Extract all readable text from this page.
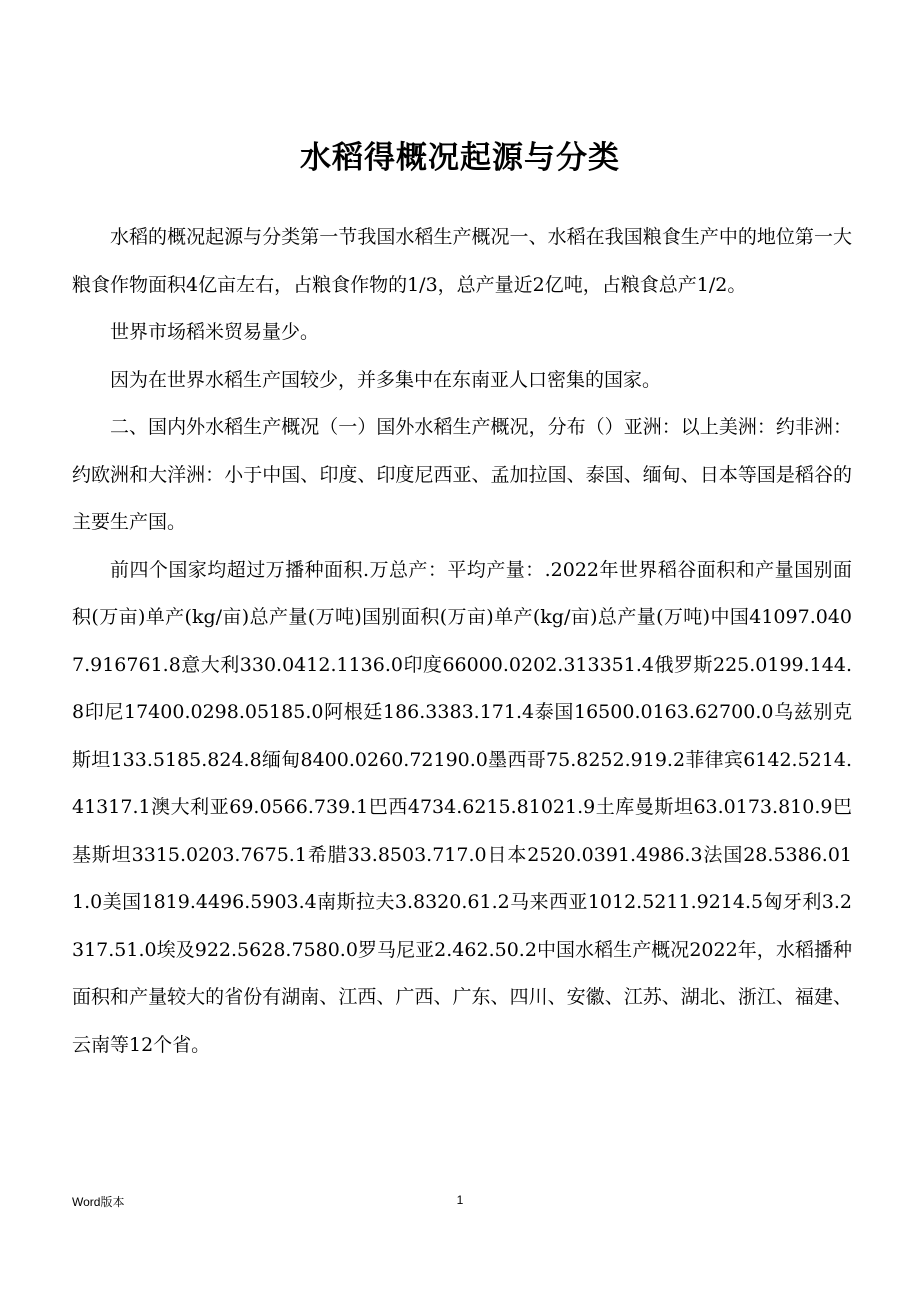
水稻得概况起源与分类

水稻的概况起源与分类第一节我国水稻生产概况一、水稻在我国粮食生产中的地位第一大粮食作物面积4亿亩左右，占粮食作物的1/3，总产量近2亿吨，占粮食总产1/2。

世界市场稻米贸易量少。

因为在世界水稻生产国较少，并多集中在东南亚人口密集的国家。

二、国内外水稻生产概况（一）国外水稻生产概况，分布（）亚洲：以上美洲：约非洲：约欧洲和大洋洲：小于中国、印度、印度尼西亚、孟加拉国、泰国、缅甸、日本等国是稻谷的主要生产国。

前四个国家均超过万播种面积.万总产：平均产量：.2022年世界稻谷面积和产量国别面积(万亩)单产(kg/亩)总产量(万吨)国别面积(万亩)单产(kg/亩)总产量(万吨)中国41097.0407.916761.8意大利330.0412.1136.0印度66000.0202.313351.4俄罗斯225.0199.144.8印尼17400.0298.05185.0阿根廷186.3383.171.4泰国16500.0163.62700.0乌兹别克斯坦133.5185.824.8缅甸8400.0260.72190.0墨西哥75.8252.919.2菲律宾6142.5214.41317.1澳大利亚69.0566.739.1巴西4734.6215.81021.9土库曼斯坦63.0173.810.9巴基斯坦3315.0203.7675.1希腊33.8503.717.0日本2520.0391.4986.3法国28.5386.011.0美国1819.4496.5903.4南斯拉夫3.8320.61.2马来西亚1012.5211.9214.5匈牙利3.2317.51.0埃及922.5628.7580.0罗马尼亚2.462.50.2中国水稻生产概况2022年，水稻播种面积和产量较大的省份有湖南、江西、广西、广东、四川、安徽、江苏、湖北、浙江、福建、云南等12个省。

Word版本	1
